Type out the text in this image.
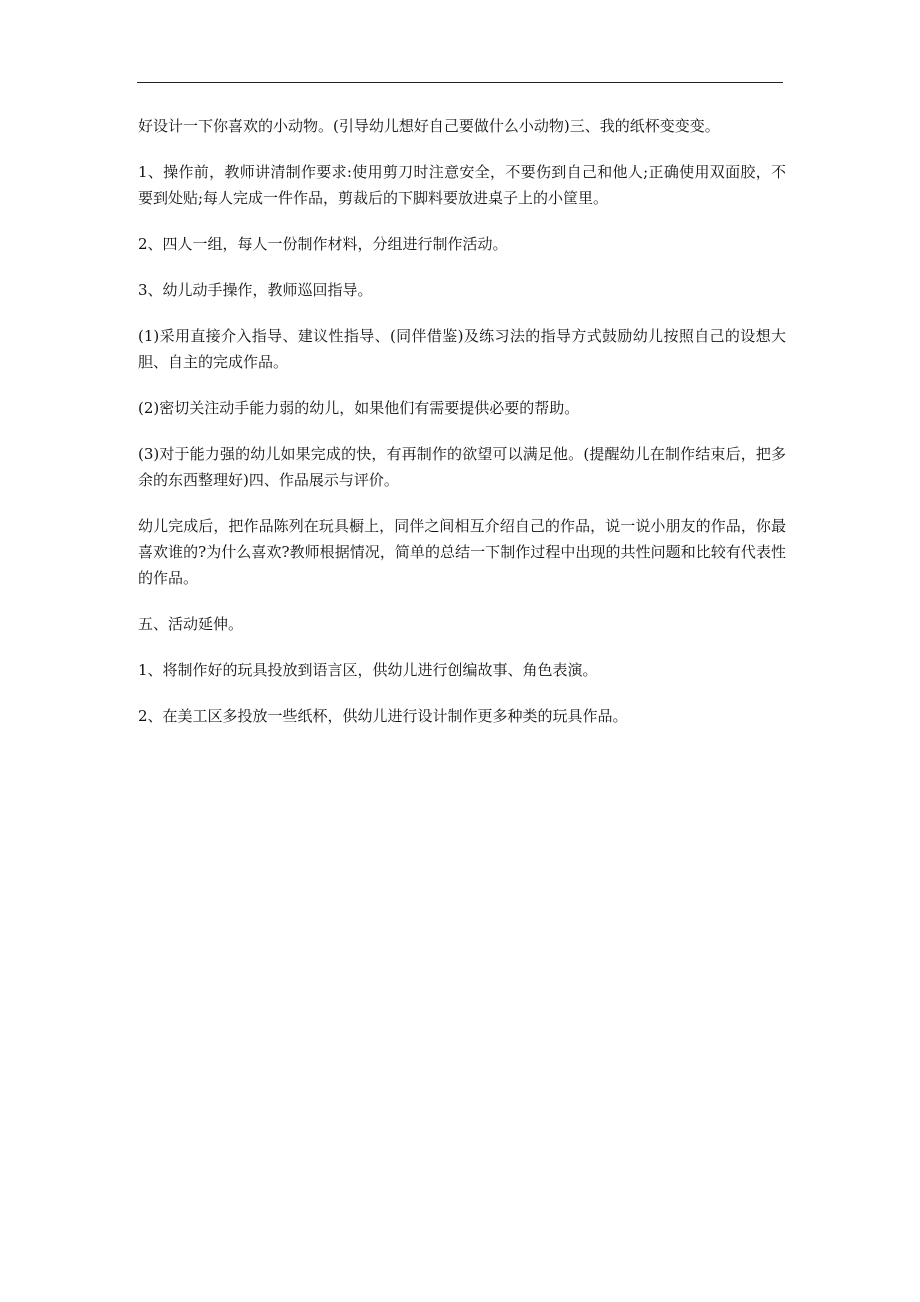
好设计一下你喜欢的小动物。(引导幼儿想好自己要做什么小动物)三、我的纸杯变变变。

1、操作前，教师讲清制作要求:使用剪刀时注意安全，不要伤到自己和他人;正确使用双面胶，不要到处贴;每人完成一件作品，剪裁后的下脚料要放进桌子上的小筐里。

2、四人一组，每人一份制作材料，分组进行制作活动。

3、幼儿动手操作，教师巡回指导。

(1)采用直接介入指导、建议性指导、(同伴借鉴)及练习法的指导方式鼓励幼儿按照自己的设想大胆、自主的完成作品。

(2)密切关注动手能力弱的幼儿，如果他们有需要提供必要的帮助。

(3)对于能力强的幼儿如果完成的快，有再制作的欲望可以满足他。(提醒幼儿在制作结束后，把多余的东西整理好)四、作品展示与评价。

幼儿完成后，把作品陈列在玩具橱上，同伴之间相互介绍自己的作品，说一说小朋友的作品，你最喜欢谁的?为什么喜欢?教师根据情况，简单的总结一下制作过程中出现的共性问题和比较有代表性的作品。

五、活动延伸。

1、将制作好的玩具投放到语言区，供幼儿进行创编故事、角色表演。

2、在美工区多投放一些纸杯，供幼儿进行设计制作更多种类的玩具作品。
